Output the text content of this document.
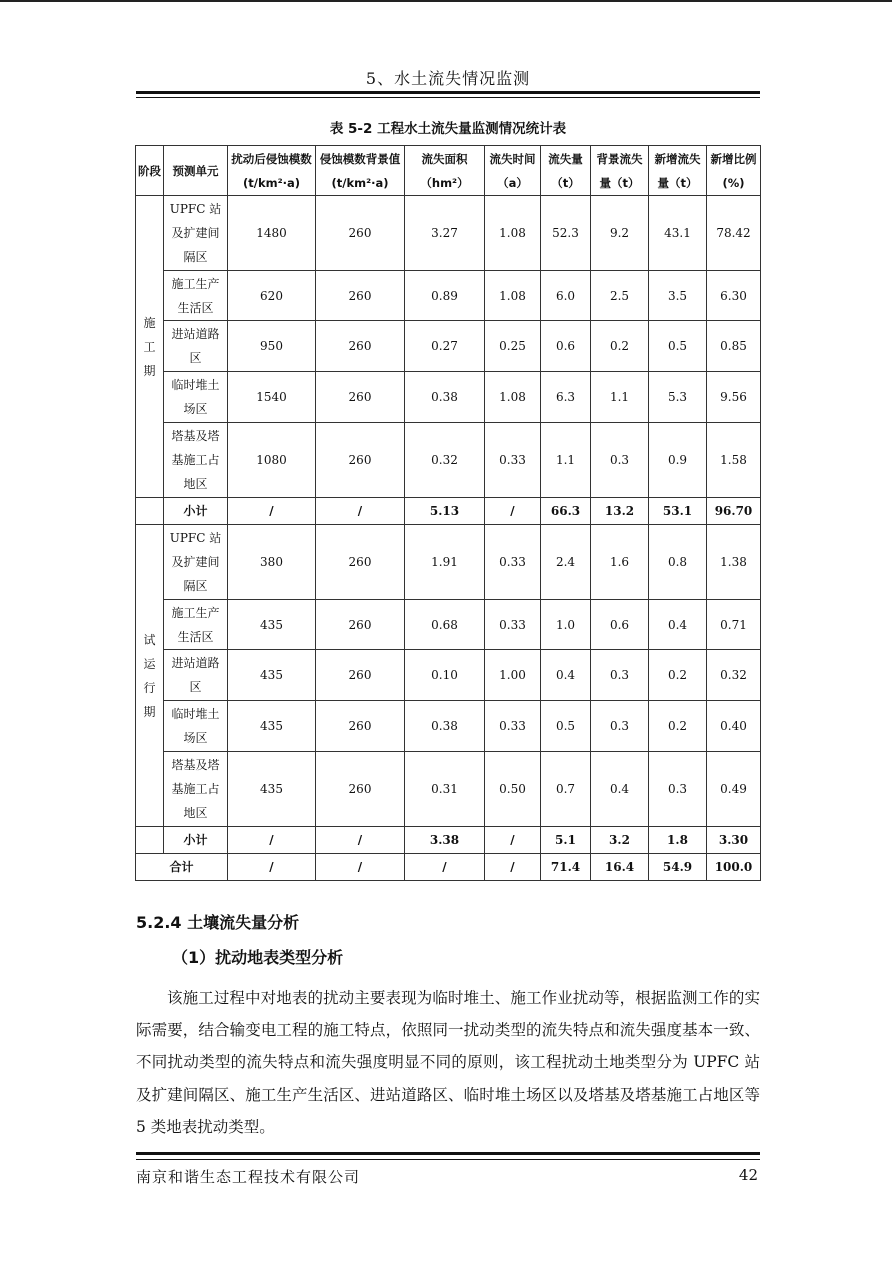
5、水土流失情况监测
表 5-2 工程水土流失量监测情况统计表
阶段	预测单元	扰动后侵蚀模数(t/km²·a)	侵蚀模数背景值(t/km²·a)	流失面积（hm²）	流失时间（a）	流失量（t）	背景流失量（t）	新增流失量（t）	新增比例(%)
施工期	UPFC 站及扩建间隔区	1480	260	3.27	1.08	52.3	9.2	43.1	78.42
	施工生产生活区	620	260	0.89	1.08	6.0	2.5	3.5	6.30
	进站道路区	950	260	0.27	0.25	0.6	0.2	0.5	0.85
	临时堆土场区	1540	260	0.38	1.08	6.3	1.1	5.3	9.56
	塔基及塔基施工占地区	1080	260	0.32	0.33	1.1	0.3	0.9	1.58
	小计	/	/	5.13	/	66.3	13.2	53.1	96.70
试运行期	UPFC 站及扩建间隔区	380	260	1.91	0.33	2.4	1.6	0.8	1.38
	施工生产生活区	435	260	0.68	0.33	1.0	0.6	0.4	0.71
	进站道路区	435	260	0.10	1.00	0.4	0.3	0.2	0.32
	临时堆土场区	435	260	0.38	0.33	0.5	0.3	0.2	0.40
	塔基及塔基施工占地区	435	260	0.31	0.50	0.7	0.4	0.3	0.49
	小计	/	/	3.38	/	5.1	3.2	1.8	3.30
合计		/	/	/	/	71.4	16.4	54.9	100.0
5.2.4 土壤流失量分析
（1）扰动地表类型分析
该施工过程中对地表的扰动主要表现为临时堆土、施工作业扰动等，根据监测工作的实际需要，结合输变电工程的施工特点，依照同一扰动类型的流失特点和流失强度基本一致、不同扰动类型的流失特点和流失强度明显不同的原则，该工程扰动土地类型分为 UPFC 站及扩建间隔区、施工生产生活区、进站道路区、临时堆土场区以及塔基及塔基施工占地区等 5 类地表扰动类型。
南京和谐生态工程技术有限公司	42
